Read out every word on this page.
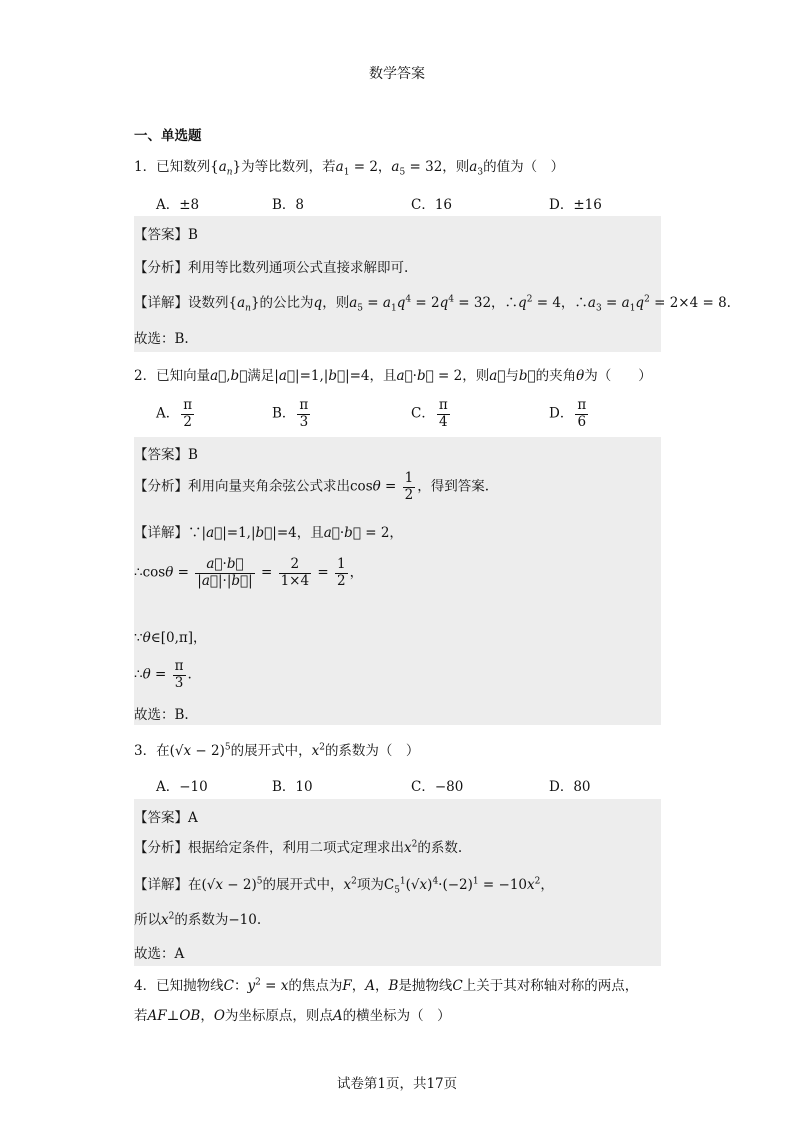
数学答案
一、单选题
1．已知数列$\{a_n\}$为等比数列，若$a_1 = 2$，$a_5 = 32$，则$a_3$的值为（　）
A．±8	B．8	C．16	D．±16
【答案】B
【分析】利用等比数列通项公式直接求解即可.
【详解】设数列$\{a_n\}$的公比为q，则$a_5 = a_1q^4 = 2q^4 = 32$，$\therefore q^2 = 4$，$\therefore a_3 = a_1q^2 = 2\times 4 = 8$.
故选：B.
2．已知向量a⃗,b⃗满足|a⃗|=1,|b⃗|=4，且a⃗·b⃗ = 2，则a⃗与b⃗的夹角θ为（　　）
A． $\frac{\pi}{2}$	B． $\frac{\pi}{3}$	C． $\frac{\pi}{4}$	D． $\frac{\pi}{6}$
【答案】B
【分析】利用向量夹角余弦公式求出$\cos\theta = \frac{1}{2}$ ，得到答案.
【详解】∵|a⃗|=1,|b⃗|=4，且a⃗·b⃗ = 2，
∴cosθ = $\frac{a⃗\cdot b⃗}{|a⃗|\cdot|b⃗|} = \frac{2}{1\times 4} = \frac{1}{2}$ ，
∵θ∈[0,π]，
∴θ = $\frac{\pi}{3}$ .
故选：B.
3．在$(√x - 2)^5$的展开式中，$x^2$的系数为（　）
A．−10	B．10	C．−80	D．80
【答案】A
【分析】根据给定条件，利用二项式定理求出$x^2$的系数.
【详解】在$(√x - 2)^5$的展开式中，$x^2$项为$C_5^1(√x)^4\cdot(-2)^1 = -10x^2$，
所以$x^2$的系数为−10.
故选：A
4．已知抛物线C：$y^2 = x$的焦点为F，A，B是抛物线C上关于其对称轴对称的两点，
若AF⊥OB，O为坐标原点，则点A的横坐标为（　）
试卷第1页，共17页
